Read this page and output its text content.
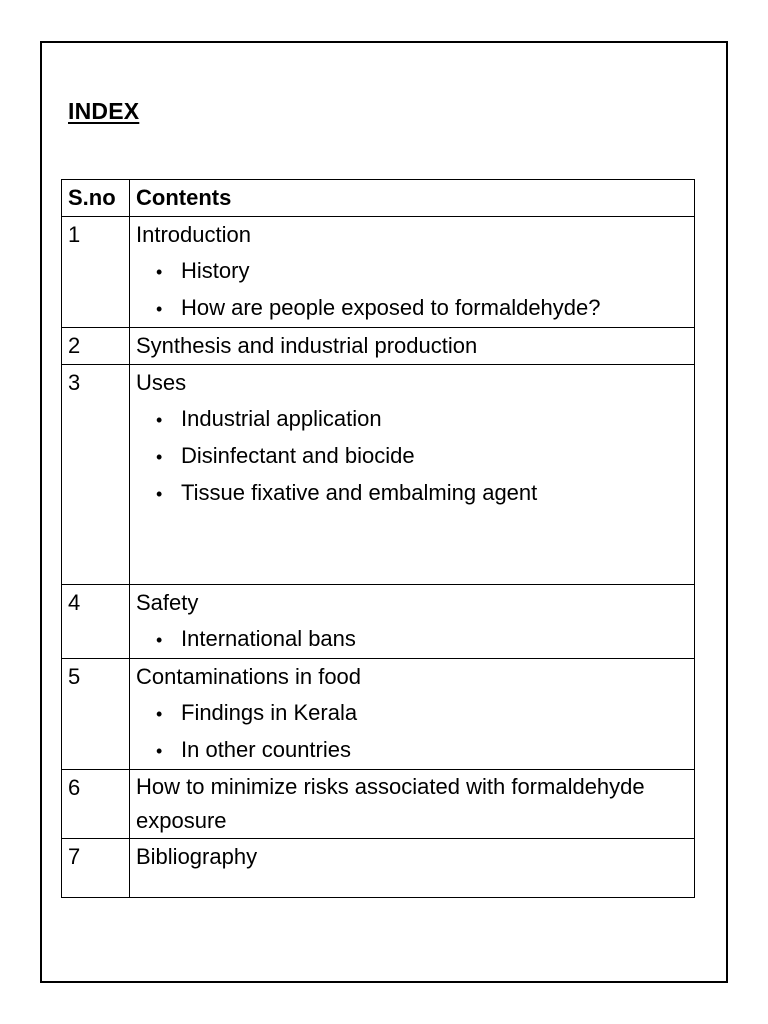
INDEX
S.no	Contents
1	Introduction
• History
• How are people exposed to formaldehyde?

2	Synthesis and industrial production
3	Uses
• Industrial application
• Disinfectant and biocide
• Tissue fixative and embalming agent

4	Safety
• International bans

5	Contaminations in food
• Findings in Kerala
• In other countries

6	How to minimize risks associated with formaldehyde exposure
7	Bibliography
